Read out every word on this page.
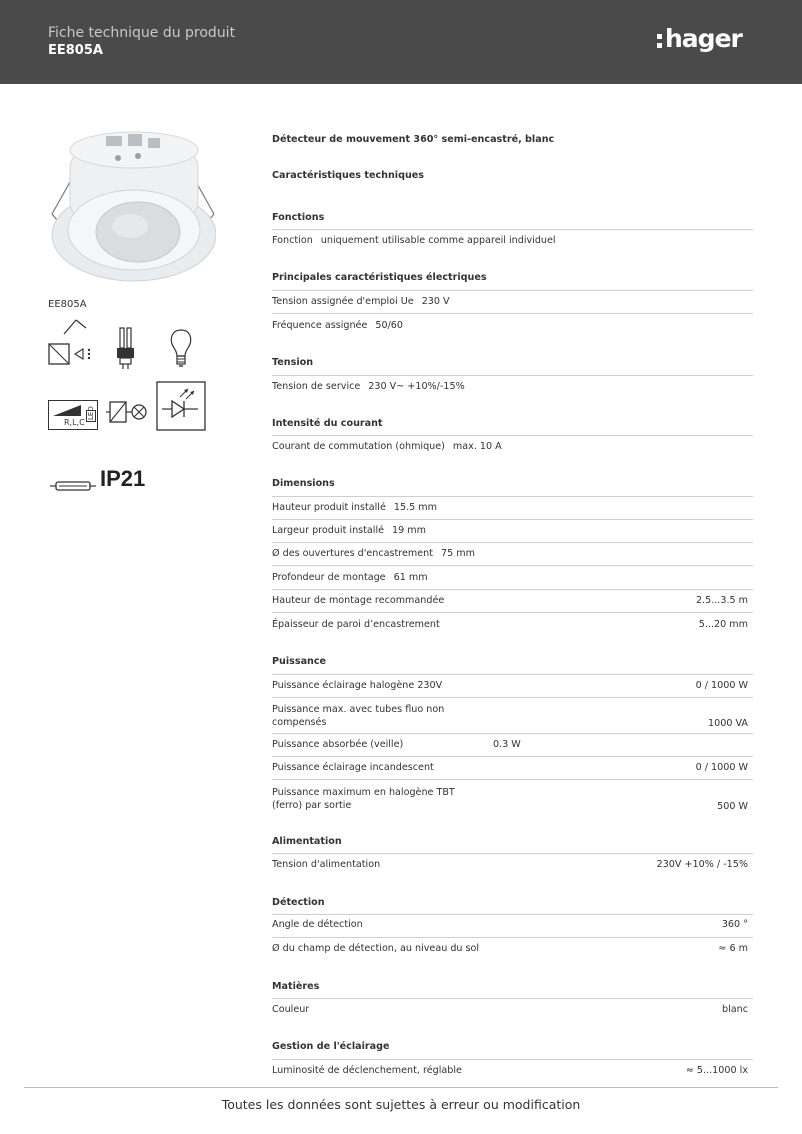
Fiche technique du produit
EE805A	hager
EE805A
R,L,C
LED
IP21
Détecteur de mouvement 360° semi-encastré, blanc
Caractéristiques techniques
Fonctions
Fonction uniquement utilisable comme appareil individuel
Principales caractéristiques électriques
Tension assignée d'emploi Ue 230 V
Fréquence assignée 50/60
Tension
Tension de service 230 V~ +10%/-15%
Intensité du courant
Courant de commutation (ohmique) max. 10 A
Dimensions
Hauteur produit installé 15.5 mm
Largeur produit installé 19 mm
Ø des ouvertures d'encastrement 75 mm
Profondeur de montage 61 mm
Hauteur de montage recommandée	2.5...3.5 m
Épaisseur de paroi d’encastrement	5...20 mm
Puissance
Puissance éclairage halogène 230V	0 / 1000 W
Puissance max. avec tubes fluo non compensés	1000 VA
Puissance absorbée (veille)	0.3 W
Puissance éclairage incandescent	0 / 1000 W
Puissance maximum en halogène TBT (ferro) par sortie	500 W
Alimentation
Tension d'alimentation	230V +10% / -15%
Détection
Angle de détection	360 °
Ø du champ de détection, au niveau du sol	≈ 6 m
Matières
Couleur	blanc
Gestion de l'éclairage
Luminosité de déclenchement, réglable	≈ 5...1000 lx
Toutes les données sont sujettes à erreur ou modification
